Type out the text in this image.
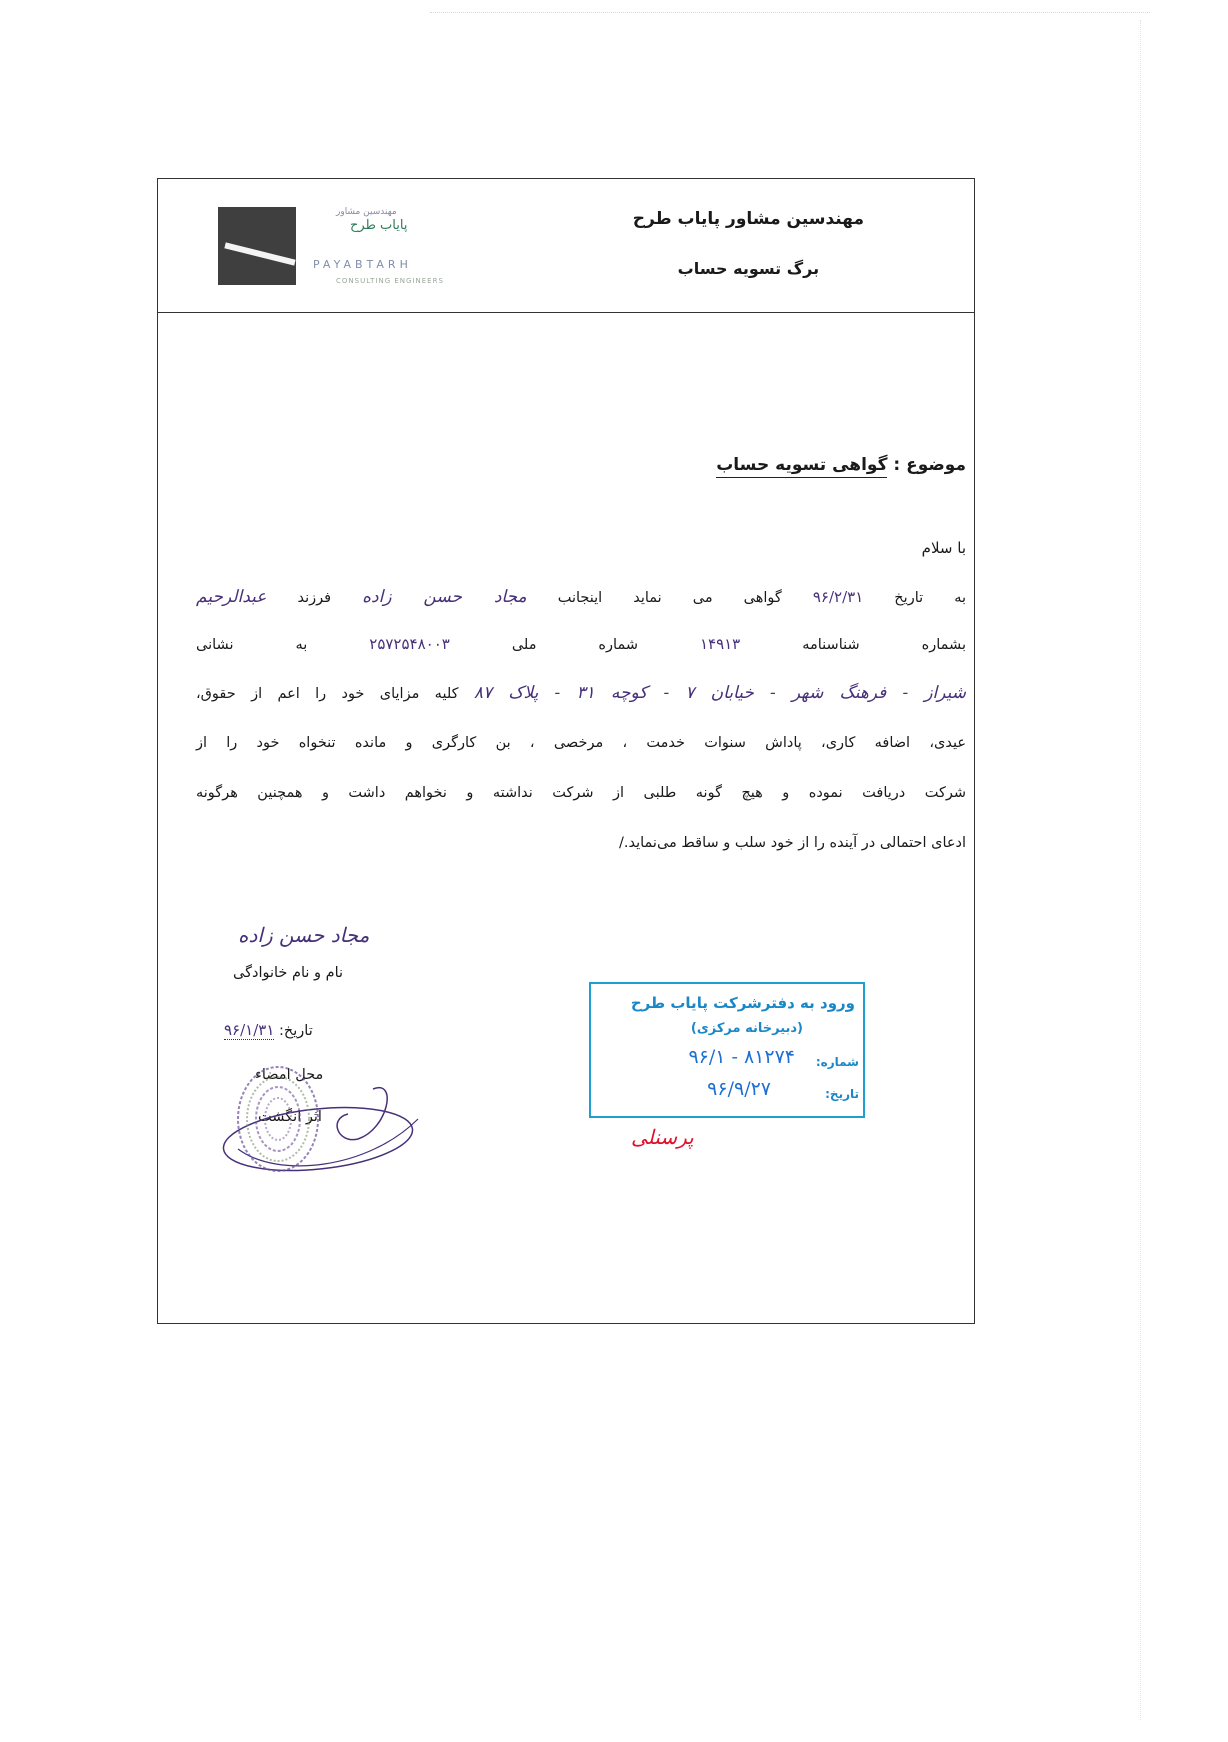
مهندسین مشاور
پایاب طرح
PAYABTARH
CONSULTING ENGINEERS
مهندسین مشاور پایاب طرح
برگ تسویه حساب
موضوع : گواهی تسویه حساب
با سلام
به تاریخ ۹۶/۲/۳۱ گواهی می نماید اینجانب مجاد حسن زاده فرزند عبدالرحیم
بشماره شناسنامه ۱۴۹۱۳ شماره ملی ۲۵۷۲۵۴۸۰۰۳ به نشانی
شیراز - فرهنگ شهر - خیابان ۷ - کوچه ۳۱ - پلاک ۸۷ کلیه مزایای خود را اعم از حقوق،
عیدی، اضافه کاری، پاداش سنوات خدمت ، مرخصی ، بن کارگری و مانده تنخواه خود را از
شرکت دریافت نموده و هیچ گونه طلبی از شرکت نداشته و نخواهم داشت و همچنین هرگونه
ادعای احتمالی در آینده را از خود سلب و ساقط می‌نماید./
مجاد حسن زاده
نام و نام خانوادگی
تاریخ: ۹۶/۱/۳۱
محل امضاء
اثر انگشت
ورود به دفترشرکت پایاب طرح
(دبیرخانه مرکزی)
شماره:
۸۱۲۷۴ - ۹۶/۱
تاریخ:
۹۶/۹/۲۷
پرسنلی
